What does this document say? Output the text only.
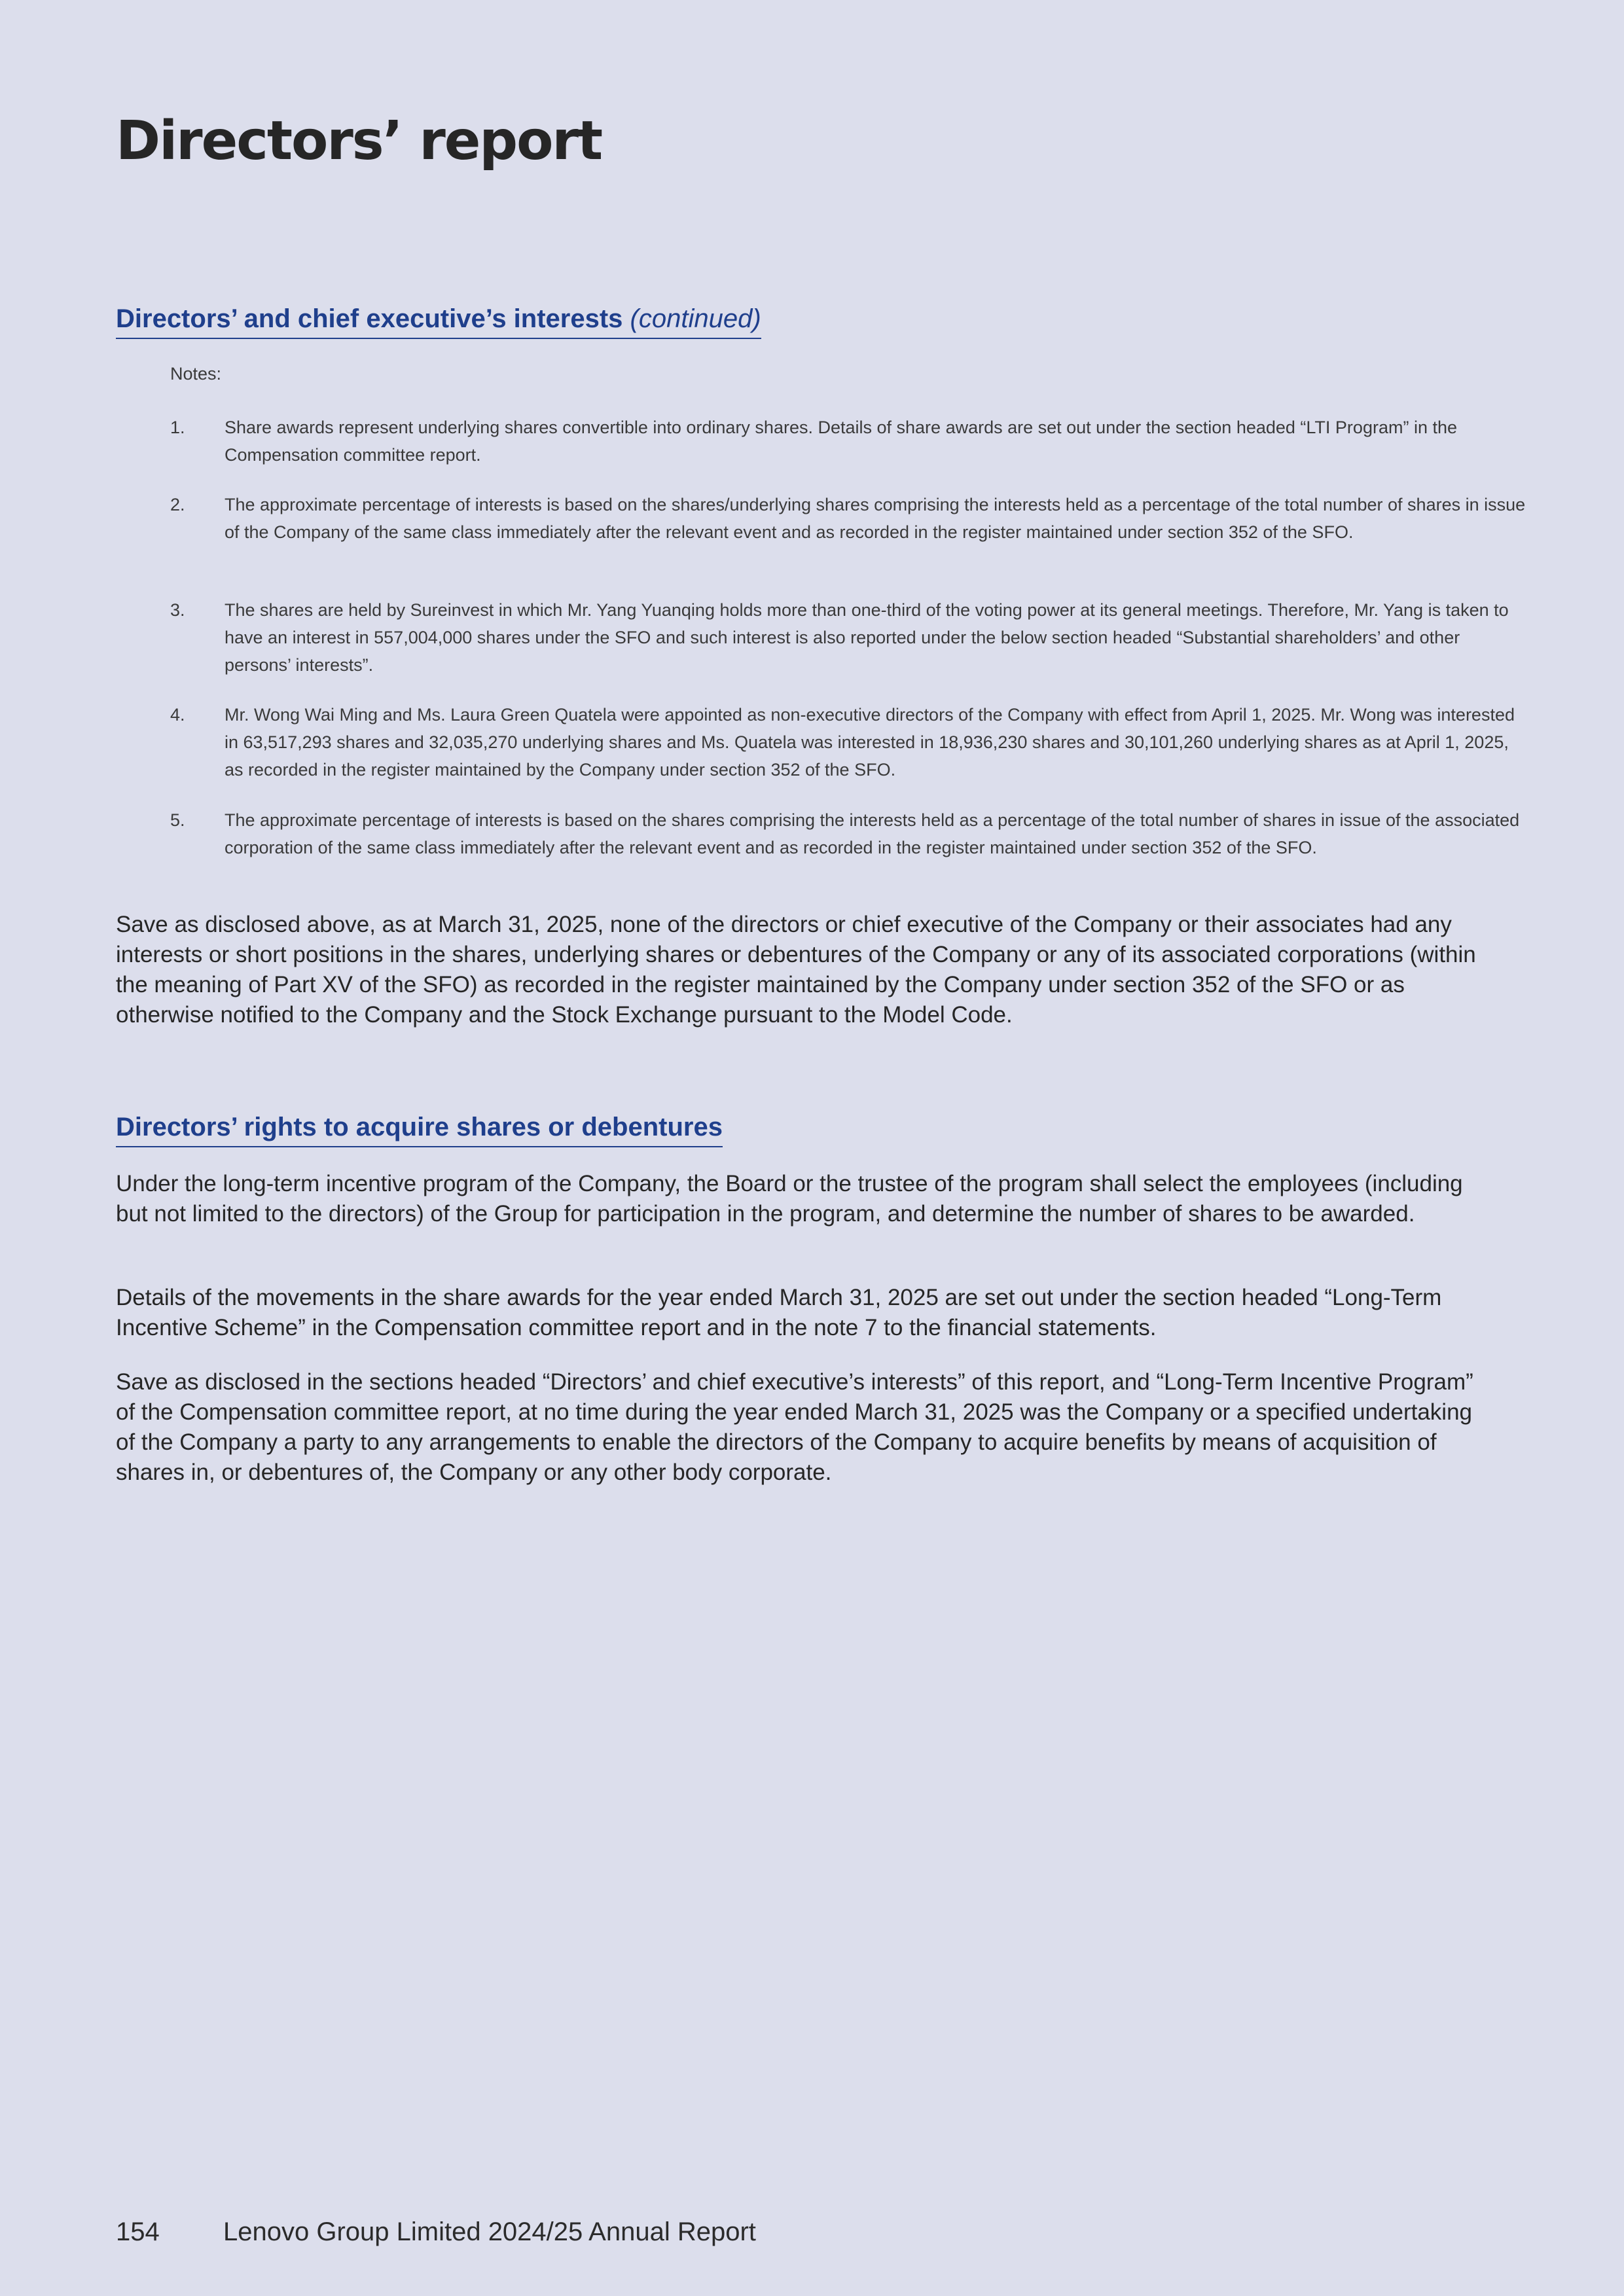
Directors’ report
Directors’ and chief executive’s interests (continued)
Notes:
1. Share awards represent underlying shares convertible into ordinary shares. Details of share awards are set out under the section headed “LTI Program” in the Compensation committee report.
2. The approximate percentage of interests is based on the shares/underlying shares comprising the interests held as a percentage of the total number of shares in issue of the Company of the same class immediately after the relevant event and as recorded in the register maintained under section 352 of the SFO.
3. The shares are held by Sureinvest in which Mr. Yang Yuanqing holds more than one-third of the voting power at its general meetings. Therefore, Mr. Yang is taken to have an interest in 557,004,000 shares under the SFO and such interest is also reported under the below section headed “Substantial shareholders’ and other persons’ interests”.
4. Mr. Wong Wai Ming and Ms. Laura Green Quatela were appointed as non-executive directors of the Company with effect from April 1, 2025. Mr. Wong was interested in 63,517,293 shares and 32,035,270 underlying shares and Ms. Quatela was interested in 18,936,230 shares and 30,101,260 underlying shares as at April 1, 2025, as recorded in the register maintained by the Company under section 352 of the SFO.
5. The approximate percentage of interests is based on the shares comprising the interests held as a percentage of the total number of shares in issue of the associated corporation of the same class immediately after the relevant event and as recorded in the register maintained under section 352 of the SFO.

Save as disclosed above, as at March 31, 2025, none of the directors or chief executive of the Company or their associates had any interests or short positions in the shares, underlying shares or debentures of the Company or any of its associated corporations (within the meaning of Part XV of the SFO) as recorded in the register maintained by the Company under section 352 of the SFO or as otherwise notified to the Company and the Stock Exchange pursuant to the Model Code.

Directors’ rights to acquire shares or debentures

Under the long-term incentive program of the Company, the Board or the trustee of the program shall select the employees (including but not limited to the directors) of the Group for participation in the program, and determine the number of shares to be awarded.

Details of the movements in the share awards for the year ended March 31, 2025 are set out under the section headed “Long-Term Incentive Scheme” in the Compensation committee report and in the note 7 to the financial statements.

Save as disclosed in the sections headed “Directors’ and chief executive’s interests” of this report, and “Long-Term Incentive Program” of the Compensation committee report, at no time during the year ended March 31, 2025 was the Company or a specified undertaking of the Company a party to any arrangements to enable the directors of the Company to acquire benefits by means of acquisition of shares in, or debentures of, the Company or any other body corporate.

154 Lenovo Group Limited 2024/25 Annual Report
